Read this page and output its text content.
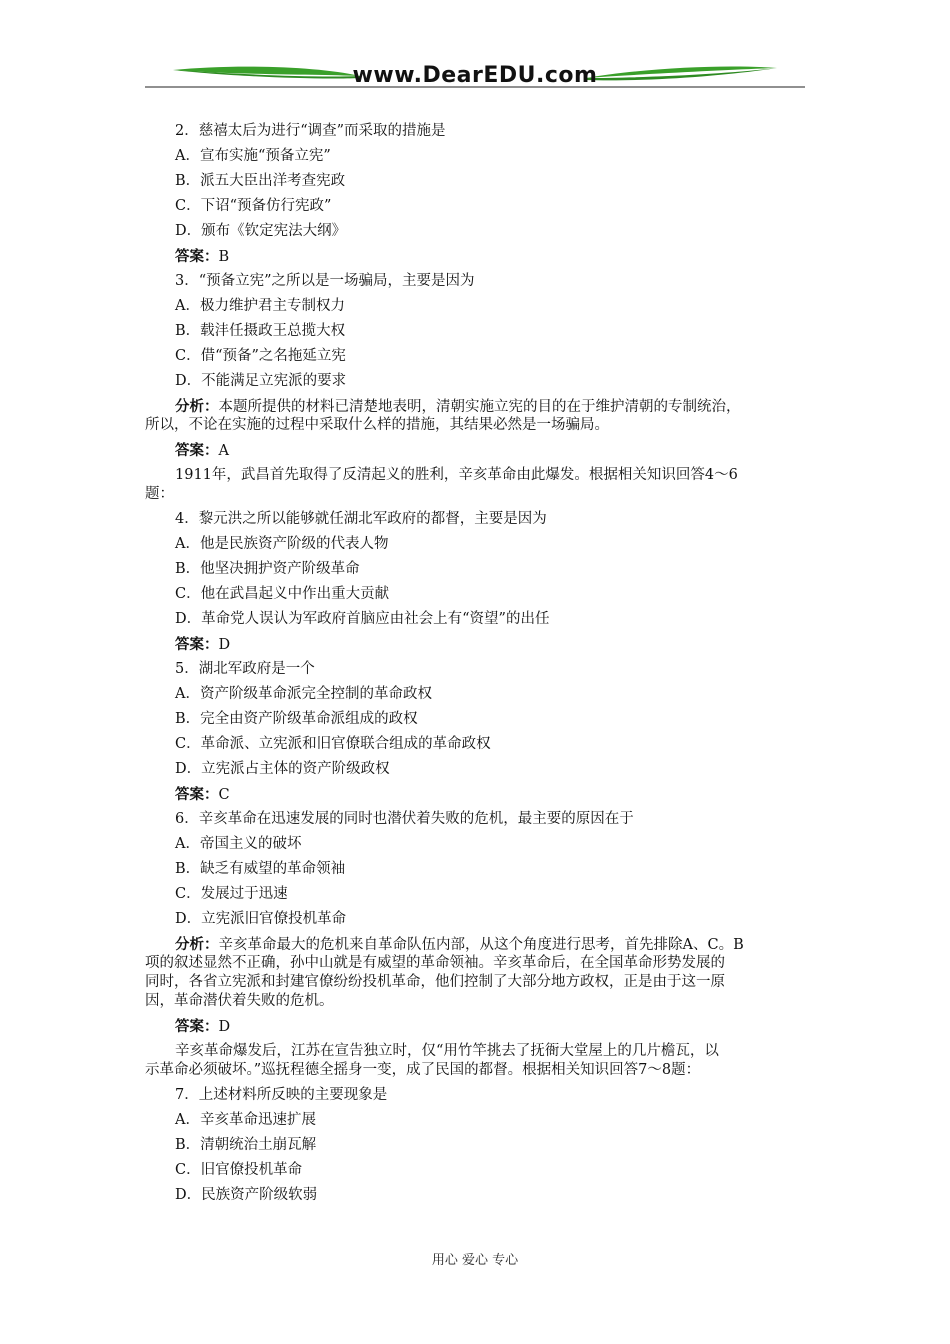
www.DearEDU.com
2．慈禧太后为进行“调查”而采取的措施是
A．宣布实施“预备立宪”
B．派五大臣出洋考查宪政
C．下诏“预备仿行宪政”
D．颁布《钦定宪法大纲》
答案：B
3．“预备立宪”之所以是一场骗局，主要是因为
A．极力维护君主专制权力
B．载沣任摄政王总揽大权
C．借“预备”之名拖延立宪
D．不能满足立宪派的要求
分析：本题所提供的材料已清楚地表明，清朝实施立宪的目的在于维护清朝的专制统治，
所以，不论在实施的过程中采取什么样的措施，其结果必然是一场骗局。
答案：A
1911年，武昌首先取得了反清起义的胜利，辛亥革命由此爆发。根据相关知识回答4～6
题：
4．黎元洪之所以能够就任湖北军政府的都督，主要是因为
A．他是民族资产阶级的代表人物
B．他坚决拥护资产阶级革命
C．他在武昌起义中作出重大贡献
D．革命党人误认为军政府首脑应由社会上有“资望”的出任
答案：D
5．湖北军政府是一个
A．资产阶级革命派完全控制的革命政权
B．完全由资产阶级革命派组成的政权
C．革命派、立宪派和旧官僚联合组成的革命政权
D．立宪派占主体的资产阶级政权
答案：C
6．辛亥革命在迅速发展的同时也潜伏着失败的危机，最主要的原因在于
A．帝国主义的破坏
B．缺乏有威望的革命领袖
C．发展过于迅速
D．立宪派旧官僚投机革命
分析：辛亥革命最大的危机来自革命队伍内部，从这个角度进行思考，首先排除A、C。B
项的叙述显然不正确，孙中山就是有威望的革命领袖。辛亥革命后，在全国革命形势发展的
同时，各省立宪派和封建官僚纷纷投机革命，他们控制了大部分地方政权，正是由于这一原
因，革命潜伏着失败的危机。
答案：D
辛亥革命爆发后，江苏在宣告独立时，仅“用竹竿挑去了抚衙大堂屋上的几片檐瓦，以
示革命必须破坏。”巡抚程德全摇身一变，成了民国的都督。根据相关知识回答7～8题：
7．上述材料所反映的主要现象是
A．辛亥革命迅速扩展
B．清朝统治土崩瓦解
C．旧官僚投机革命
D．民族资产阶级软弱
用心 爱心 专心
